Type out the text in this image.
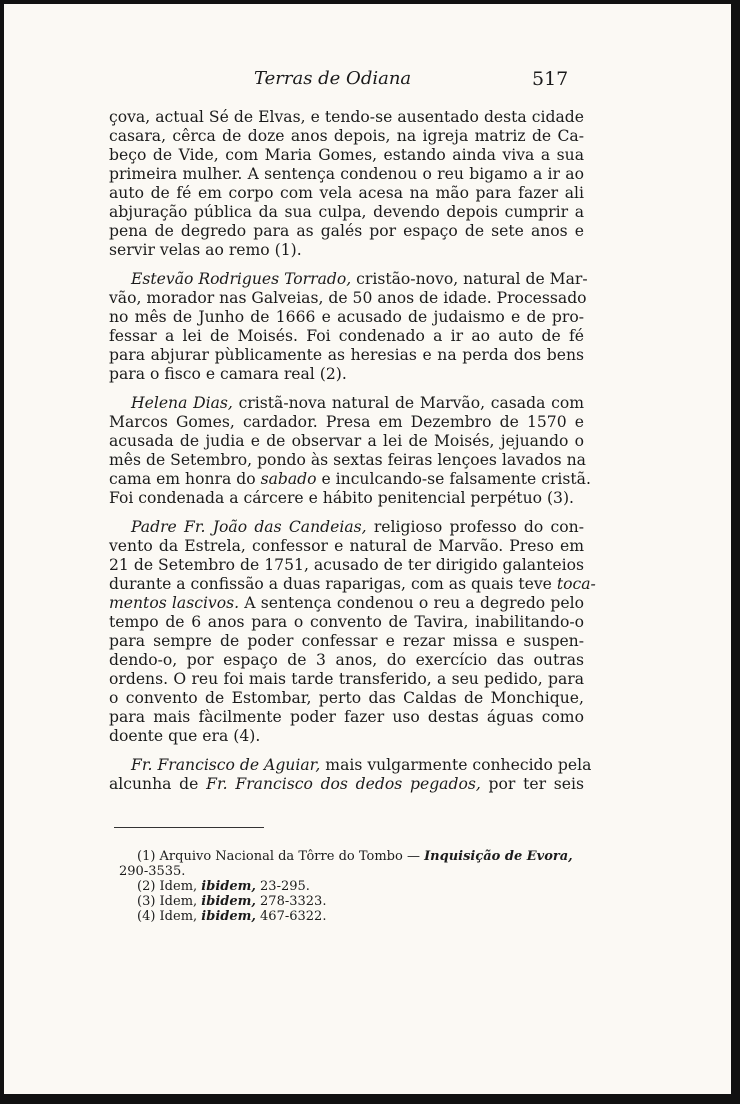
Terras de Odiana	517
çova, actual Sé de Elvas, e tendo-se ausentado desta cidade
casara, cêrca de doze anos depois, na igreja matriz de Ca-
beço de Vide, com Maria Gomes, estando ainda viva a sua
primeira mulher. A sentença condenou o reu bigamo a ir ao
auto de fé em corpo com vela acesa na mão para fazer ali
abjuração pública da sua culpa, devendo depois cumprir a
pena de degredo para as galés por espaço de sete anos e
servir velas ao remo (1).
Estevão Rodrigues Torrado, cristão-novo, natural de Mar-
vão, morador nas Galveias, de 50 anos de idade. Processado
no mês de Junho de 1666 e acusado de judaismo e de pro-
fessar a lei de Moisés. Foi condenado a ir ao auto de fé
para abjurar pùblicamente as heresias e na perda dos bens
para o fisco e camara real (2).
Helena Dias, cristã-nova natural de Marvão, casada com
Marcos Gomes, cardador. Presa em Dezembro de 1570 e
acusada de judia e de observar a lei de Moisés, jejuando o
mês de Setembro, pondo às sextas feiras lençoes lavados na
cama em honra do sabado e inculcando-se falsamente cristã.
Foi condenada a cárcere e hábito penitencial perpétuo (3).
Padre Fr. João das Candeias, religioso professo do con-
vento da Estrela, confessor e natural de Marvão. Preso em
21 de Setembro de 1751, acusado de ter dirigido galanteios
durante a confissão a duas raparigas, com as quais teve toca-
mentos lascivos. A sentença condenou o reu a degredo pelo
tempo de 6 anos para o convento de Tavira, inabilitando-o
para sempre de poder confessar e rezar missa e suspen-
dendo-o, por espaço de 3 anos, do exercício das outras
ordens. O reu foi mais tarde transferido, a seu pedido, para
o convento de Estombar, perto das Caldas de Monchique,
para mais fàcilmente poder fazer uso destas águas como
doente que era (4).
Fr. Francisco de Aguiar, mais vulgarmente conhecido pela
alcunha de Fr. Francisco dos dedos pegados, por ter seis
(1) Arquivo Nacional da Tôrre do Tombo — Inquisição de Evora,
290-3535.
(2) Idem, ibidem, 23-295.
(3) Idem, ibidem, 278-3323.
(4) Idem, ibidem, 467-6322.
